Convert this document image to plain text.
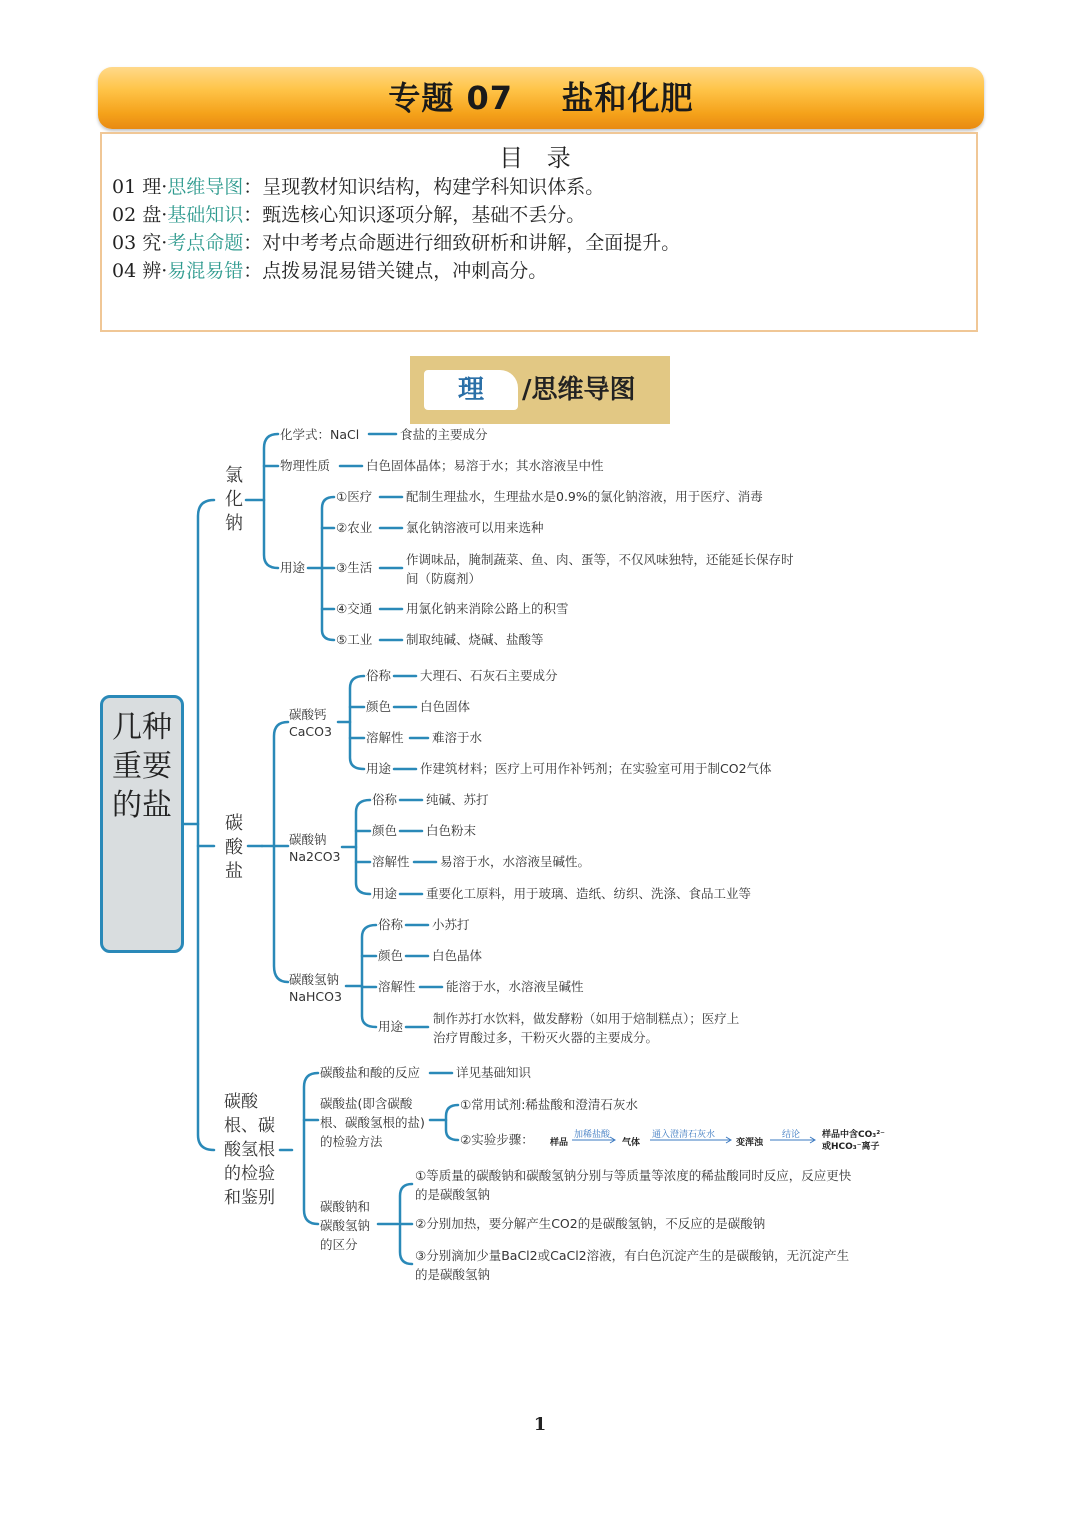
专题 07    盐和化肥
目 录
01 理·思维导图：呈现教材知识结构，构建学科知识体系。
02 盘·基础知识：甄选核心知识逐项分解，基础不丢分。
03 究·考点命题：对中考考点命题进行细致研析和讲解，全面提升。
04 辨·易混易错：点拨易混易错关键点，冲刺高分。
理	/思维导图
几种重要的盐
氯化钠
化学式：NaCl	食盐的主要成分
物理性质	白色固体晶体；易溶于水；其水溶液呈中性
用途
①医疗	配制生理盐水，生理盐水是0.9%的氯化钠溶液，用于医疗、消毒
②农业	氯化钠溶液可以用来选种
③生活
作调味品，腌制蔬菜、鱼、肉、蛋等，不仅风味独特，还能延长保存时间（防腐剂）
④交通	用氯化钠来消除公路上的积雪
⑤工业	制取纯碱、烧碱、盐酸等
碳酸盐
碳酸钙
CaCO3
俗称 大理石、石灰石主要成分
颜色 白色固体
溶解性 难溶于水
用途 作建筑材料；医疗上可用作补钙剂；在实验室可用于制CO2气体
碳酸钠
Na2CO3
俗称 纯碱、苏打
颜色 白色粉末
溶解性 易溶于水，水溶液呈碱性。
用途 重要化工原料，用于玻璃、造纸、纺织、洗涤、食品工业等
碳酸氢钠
NaHCO3
俗称 小苏打
颜色 白色晶体
溶解性 能溶于水，水溶液呈碱性
用途
制作苏打水饮料，做发酵粉（如用于焙制糕点）；医疗上治疗胃酸过多，干粉灭火器的主要成分。
碳酸根、碳酸氢根的检验和鉴别
碳酸盐和酸的反应	详见基础知识
碳酸盐(即含碳酸根、碳酸氢根的盐) 的检验方法
①常用试剂:稀盐酸和澄清石灰水
②实验步骤： 样品
加稀盐酸
气体
通入澄清石灰水
变浑浊
结论 样品中含CO₃²⁻或HCO₃⁻离子
碳酸钠和碳酸氢钠的区分
①等质量的碳酸钠和碳酸氢钠分别与等质量等浓度的稀盐酸同时反应，反应更快的是碳酸氢钠
②分别加热，要分解产生CO2的是碳酸氢钠，不反应的是碳酸钠
③分别滴加少量BaCl2或CaCl2溶液，有白色沉淀产生的是碳酸钠，无沉淀产生的是碳酸氢钠
1
